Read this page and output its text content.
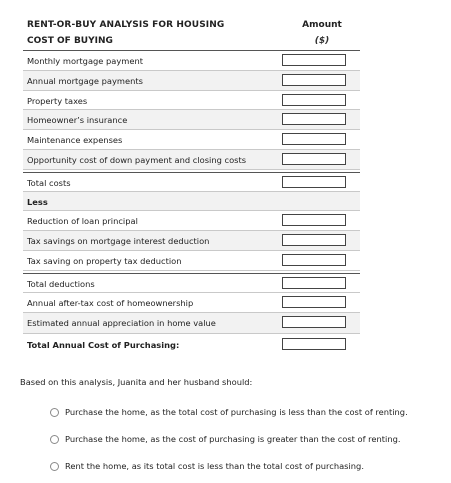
RENT-OR-BUY ANALYSIS FOR HOUSING
COST OF BUYING
Amount
($)
Monthly mortgage payment
Annual mortgage payments
Property taxes
Homeowner’s insurance
Maintenance expenses
Opportunity cost of down payment and closing costs
Total costs
Less
Reduction of loan principal
Tax savings on mortgage interest deduction
Tax saving on property tax deduction
Total deductions
Annual after-tax cost of homeownership
Estimated annual appreciation in home value
Total Annual Cost of Purchasing:
Based on this analysis, Juanita and her husband should:
Purchase the home, as the total cost of purchasing is less than the cost of renting.
Purchase the home, as the cost of purchasing is greater than the cost of renting.
Rent the home, as its total cost is less than the total cost of purchasing.
